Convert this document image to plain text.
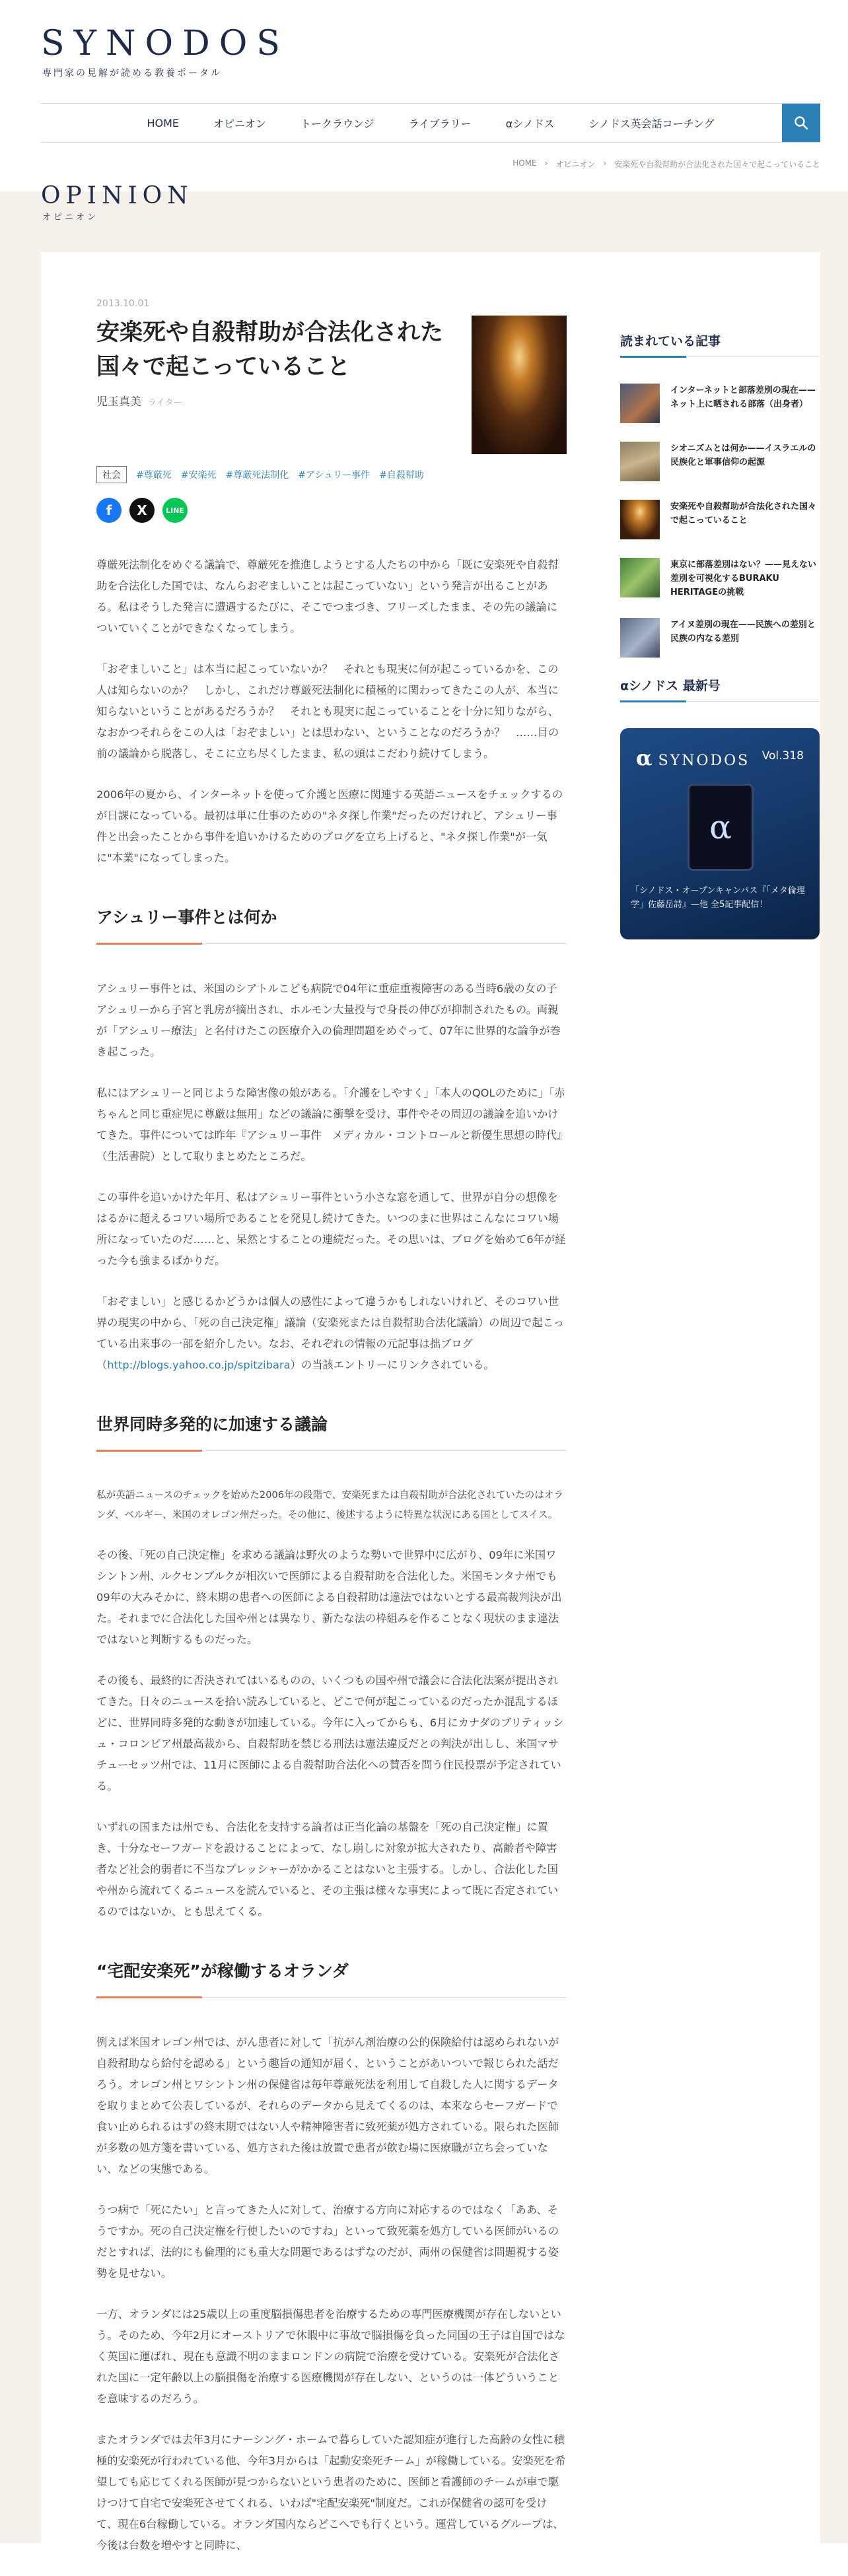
SYNODOS
専門家の見解が読める教養ポータル
HOME	オピニオン	トークラウンジ	ライブラリー	αシノドス	シノドス英会話コーチング
HOME › オピニオン › 安楽死や自殺幇助が合法化された国々で起こっていること
OPINION
オピニオン
2013.10.01
安楽死や自殺幇助が合法化された国々で起こっていること
児玉真美 ライター
社会	#尊厳死 #安楽死 #尊厳死法制化 #アシュリー事件 #自殺幇助
f	X	LINE

尊厳死法制化をめぐる議論で、尊厳死を推進しようとする人たちの中から「既に安楽死や自殺幇助を合法化した国では、なんらおぞましいことは起こっていない」という発言が出ることがある。私はそうした発言に遭遇するたびに、そこでつまづき、フリーズしたまま、その先の議論についていくことができなくなってしまう。

「おぞましいこと」は本当に起こっていないか？　それとも現実に何が起こっているかを、この人は知らないのか？　しかし、これだけ尊厳死法制化に積極的に関わってきたこの人が、本当に知らないということがあるだろうか？　それとも現実に起こっていることを十分に知りながら、なおかつそれらをこの人は「おぞましい」とは思わない、ということなのだろうか？　……目の前の議論から脱落し、そこに立ち尽くしたまま、私の頭はこだわり続けてしまう。

2006年の夏から、インターネットを使って介護と医療に関連する英語ニュースをチェックするのが日課になっている。最初は単に仕事のための"ネタ探し作業"だったのだけれど、アシュリー事件と出会ったことから事件を追いかけるためのブログを立ち上げると、"ネタ探し作業"が一気に"本業"になってしまった。

アシュリー事件とは何か

アシュリー事件とは、米国のシアトルこども病院で04年に重症重複障害のある当時6歳の女の子アシュリーから子宮と乳房が摘出され、ホルモン大量投与で身長の伸びが抑制されたもの。両親が「アシュリー療法」と名付けたこの医療介入の倫理問題をめぐって、07年に世界的な論争が巻き起こった。

私にはアシュリーと同じような障害像の娘がある。「介護をしやすく」「本人のQOLのために」「赤ちゃんと同じ重症児に尊厳は無用」などの議論に衝撃を受け、事件やその周辺の議論を追いかけてきた。事件については昨年『アシュリー事件　メディカル・コントロールと新優生思想の時代』（生活書院）として取りまとめたところだ。

この事件を追いかけた年月、私はアシュリー事件という小さな窓を通して、世界が自分の想像をはるかに超えるコワい場所であることを発見し続けてきた。いつのまに世界はこんなにコワい場所になっていたのだ……と、呆然とすることの連続だった。その思いは、ブログを始めて6年が経った今も強まるばかりだ。

「おぞましい」と感じるかどうかは個人の感性によって違うかもしれないけれど、そのコワい世界の現実の中から、「死の自己決定権」議論（安楽死または自殺幇助合法化議論）の周辺で起こっている出来事の一部を紹介したい。なお、それぞれの情報の元記事は拙ブログ（http://blogs.yahoo.co.jp/spitzibara）の当該エントリーにリンクされている。

世界同時多発的に加速する議論

私が英語ニュースのチェックを始めた2006年の段階で、安楽死または自殺幇助が合法化されていたのはオランダ、ベルギー、米国のオレゴン州だった。その他に、後述するように特異な状況にある国としてスイス。

その後、「死の自己決定権」を求める議論は野火のような勢いで世界中に広がり、09年に米国ワシントン州、ルクセンブルクが相次いで医師による自殺幇助を合法化した。米国モンタナ州でも09年の大みそかに、終末期の患者への医師による自殺幇助は違法ではないとする最高裁判決が出た。それまでに合法化した国や州とは異なり、新たな法の枠組みを作ることなく現状のまま違法ではないと判断するものだった。

その後も、最終的に否決されてはいるものの、いくつもの国や州で議会に合法化法案が提出されてきた。日々のニュースを拾い読みしていると、どこで何が起こっているのだったか混乱するほどに、世界同時多発的な動きが加速している。今年に入ってからも、6月にカナダのブリティッシュ・コロンビア州最高裁から、自殺幇助を禁じる刑法は憲法違反だとの判決が出しし、米国マサチューセッツ州では、11月に医師による自殺幇助合法化への賛否を問う住民投票が予定されている。

いずれの国または州でも、合法化を支持する論者は正当化論の基盤を「死の自己決定権」に置き、十分なセーフガードを設けることによって、なし崩しに対象が拡大されたり、高齢者や障害者など社会的弱者に不当なプレッシャーがかかることはないと主張する。しかし、合法化した国や州から流れてくるニュースを読んでいると、その主張は様々な事実によって既に否定されているのではないか、とも思えてくる。

“宅配安楽死”が稼働するオランダ

例えば米国オレゴン州では、がん患者に対して「抗がん剤治療の公的保険給付は認められないが自殺幇助なら給付を認める」という趣旨の通知が届く、ということがあいついで報じられた話だろう。オレゴン州とワシントン州の保健省は毎年尊厳死法を利用して自殺した人に関するデータを取りまとめて公表しているが、それらのデータから見えてくるのは、本来ならセーフガードで食い止められるはずの終末期ではない人や精神障害者に致死薬が処方されている。限られた医師が多数の処方箋を書いている、処方された後は放置で患者が飲む場に医療職が立ち会っていない、などの実態である。

うつ病で「死にたい」と言ってきた人に対して、治療する方向に対応するのではなく「ああ、そうですか。死の自己決定権を行使したいのですね」といって致死薬を処方している医師がいるのだとすれば、法的にも倫理的にも重大な問題であるはずなのだが、両州の保健省は問題視する姿勢を見せない。

一方、オランダには25歳以上の重度脳損傷患者を治療するための専門医療機関が存在しないという。そのため、今年2月にオーストリアで休暇中に事故で脳損傷を負った同国の王子は自国ではなく英国に運ばれ、現在も意識不明のままロンドンの病院で治療を受けている。安楽死が合法化された国に一定年齢以上の脳損傷を治療する医療機関が存在しない、というのは一体どういうことを意味するのだろう。

またオランダでは去年3月にナーシング・ホームで暮らしていた認知症が進行した高齢の女性に積極的安楽死が行われている他、今年3月からは「起動安楽死チーム」が稼働している。安楽死を希望しても応じてくれる医師が見つからないという患者のために、医師と看護師のチームが車で駆けつけて自宅で安楽死させてくれる、いわば"宅配安楽死"制度だ。これが保健省の認可を受けて、現在6台稼働している。オランダ国内ならどこへでも行くという。運営しているグループは、今後は台数を増やすと同時に、

読まれている記事
インターネットと部落差別の現在——ネット上に晒される部落（出身者）
シオニズムとは何か——イスラエルの民族化と軍事信仰の起源
安楽死や自殺幇助が合法化された国々で起こっていること
東京に部落差別はない？——見えない差別を可視化するBURAKU HERITAGEの挑戦
アイヌ差別の現在——民族への差別と民族の内なる差別
αシノドス 最新号
α SYNODOS Vol.318
α
「シノドス・オープンキャンパス『「メタ倫理学」佐藤岳詩』—他 全5記事配信！
